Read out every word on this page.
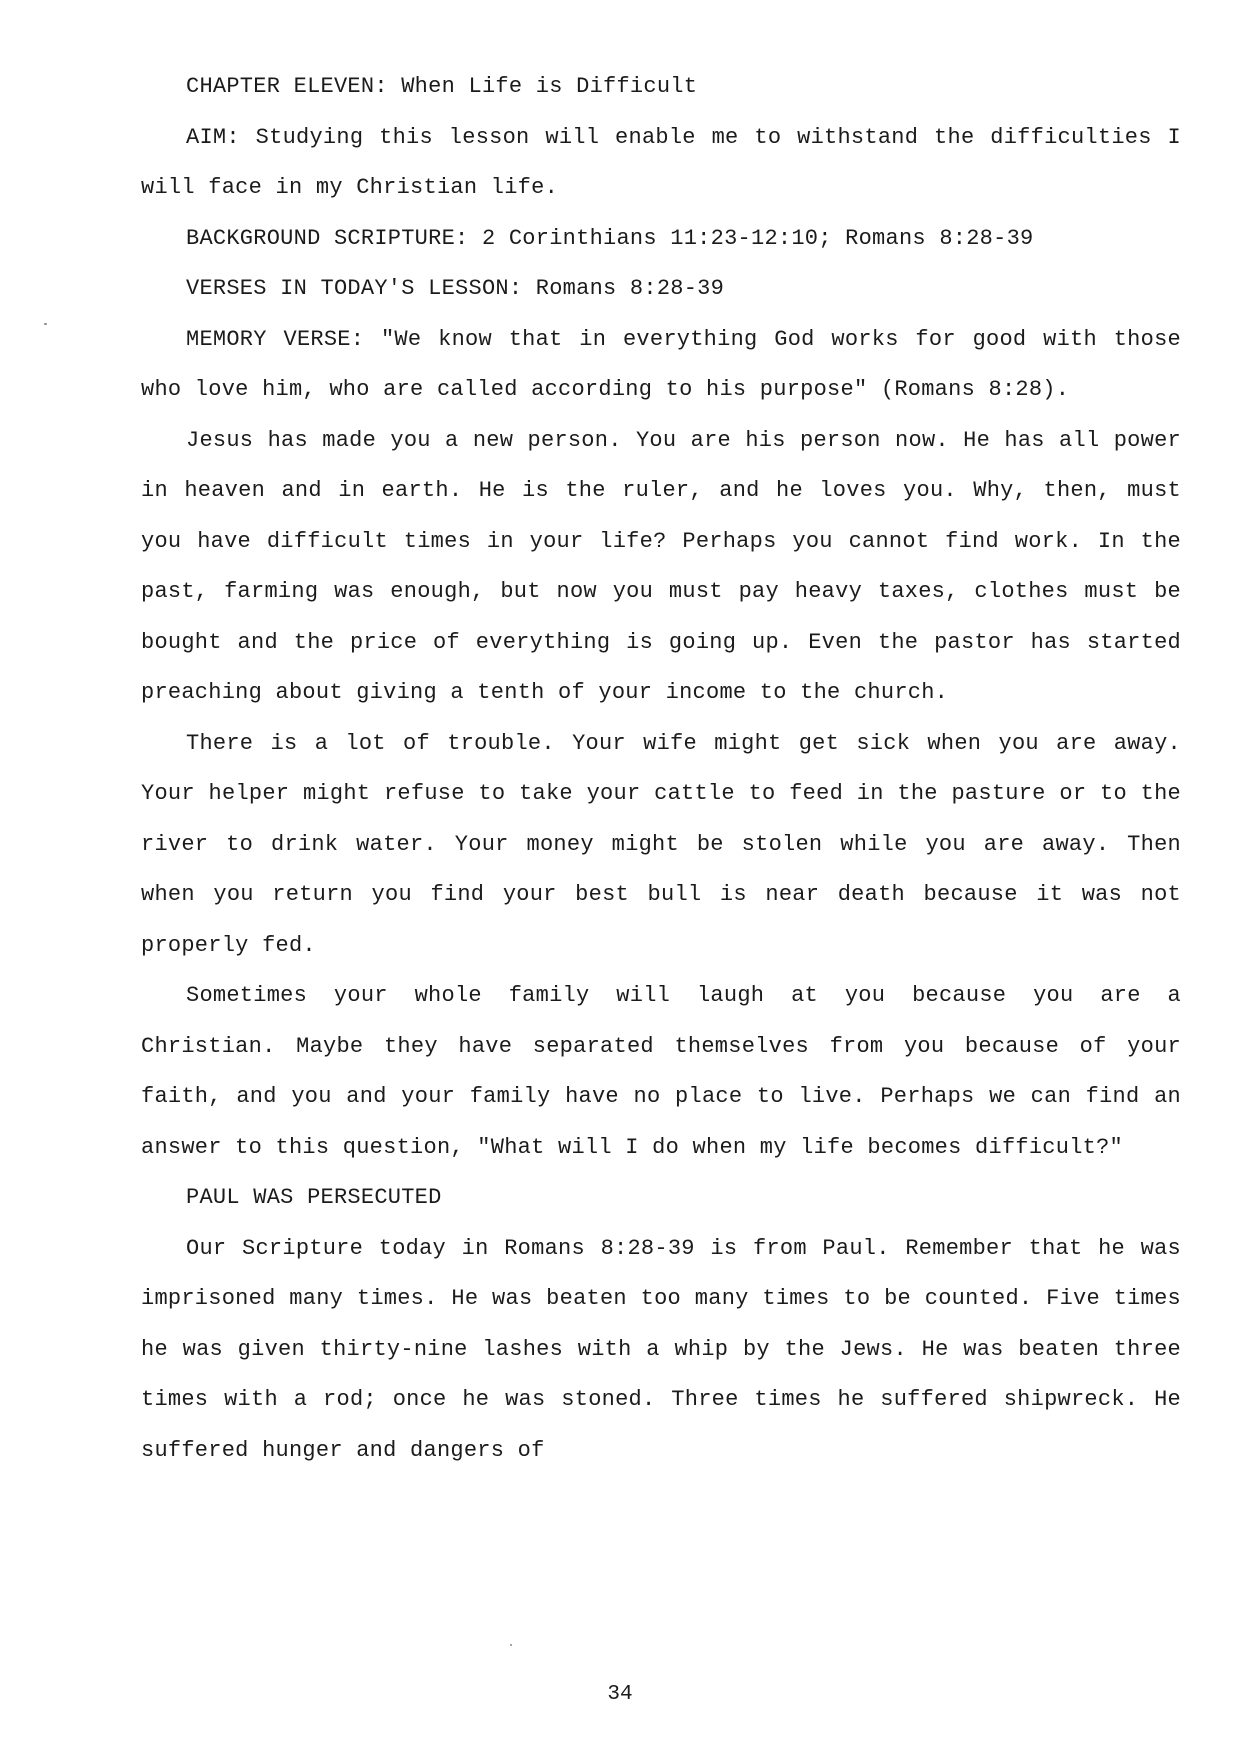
CHAPTER ELEVEN: When Life is Difficult

AIM: Studying this lesson will enable me to withstand the difficulties I will face in my Christian life.

BACKGROUND SCRIPTURE: 2 Corinthians 11:23-12:10; Romans 8:28-39

VERSES IN TODAY'S LESSON: Romans 8:28-39

MEMORY VERSE: "We know that in everything God works for good with those who love him, who are called according to his purpose" (Romans 8:28).

Jesus has made you a new person. You are his person now. He has all power in heaven and in earth. He is the ruler, and he loves you. Why, then, must you have difficult times in your life? Perhaps you cannot find work. In the past, farming was enough, but now you must pay heavy taxes, clothes must be bought and the price of everything is going up. Even the pastor has started preaching about giving a tenth of your income to the church.

There is a lot of trouble. Your wife might get sick when you are away. Your helper might refuse to take your cattle to feed in the pasture or to the river to drink water. Your money might be stolen while you are away. Then when you return you find your best bull is near death because it was not properly fed.

Sometimes your whole family will laugh at you because you are a Christian. Maybe they have separated themselves from you because of your faith, and you and your family have no place to live. Perhaps we can find an answer to this question, "What will I do when my life becomes difficult?"

PAUL WAS PERSECUTED

Our Scripture today in Romans 8:28-39 is from Paul. Remember that he was imprisoned many times. He was beaten too many times to be counted. Five times he was given thirty-nine lashes with a whip by the Jews. He was beaten three times with a rod; once he was stoned. Three times he suffered shipwreck. He suffered hunger and dangers of

34
